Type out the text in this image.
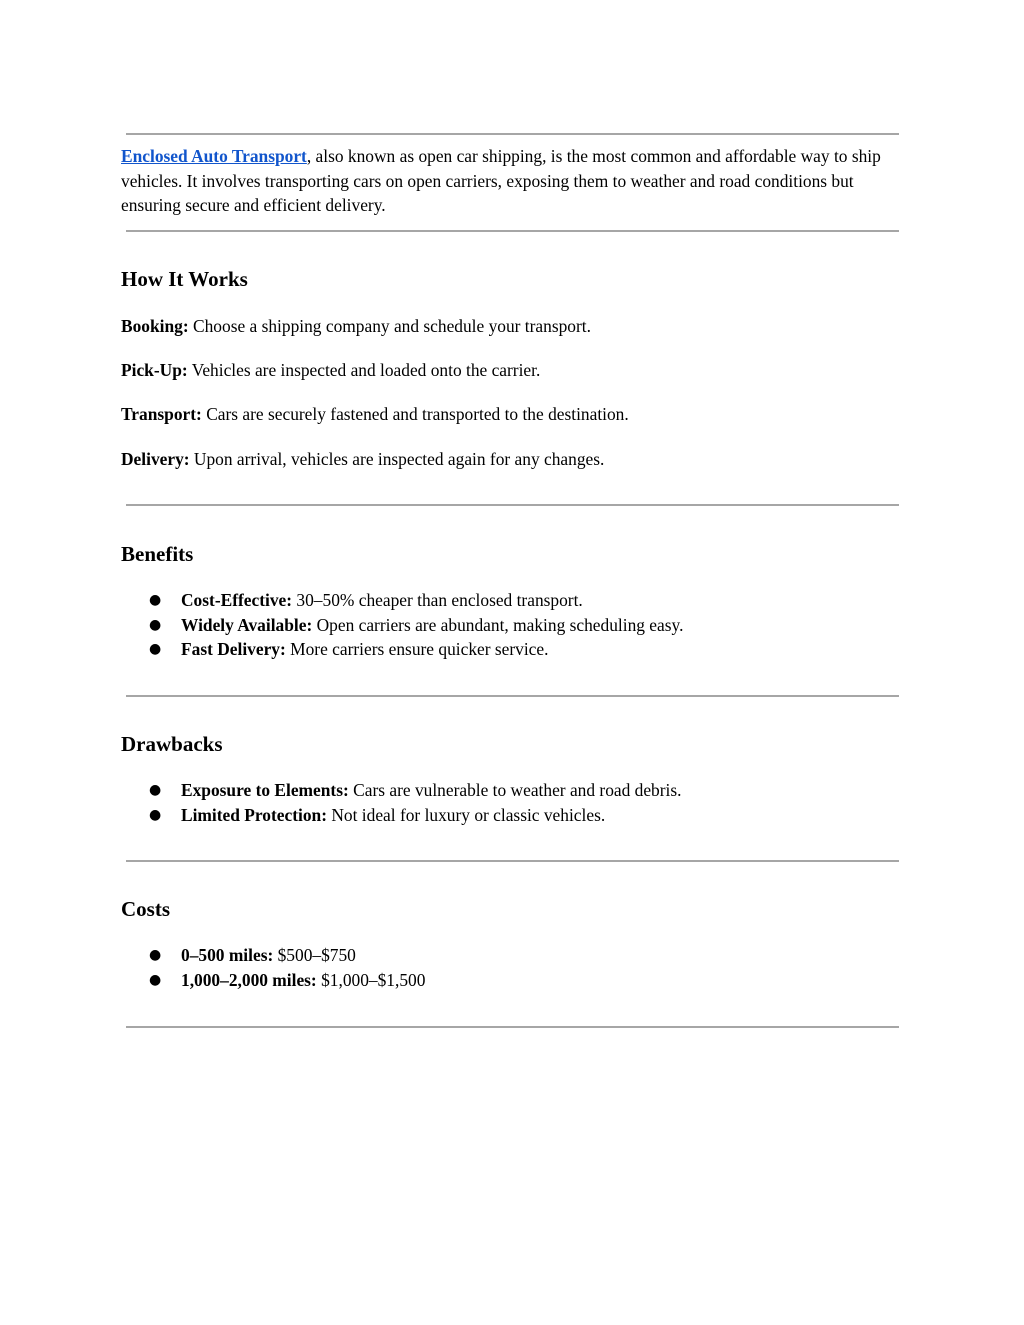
Enclosed Auto Transport, also known as open car shipping, is the most common and affordable way to ship vehicles. It involves transporting cars on open carriers, exposing them to weather and road conditions but ensuring secure and efficient delivery.

How It Works

Booking: Choose a shipping company and schedule your transport.

Pick-Up: Vehicles are inspected and loaded onto the carrier.

Transport: Cars are securely fastened and transported to the destination.

Delivery: Upon arrival, vehicles are inspected again for any changes.

Benefits
● Cost-Effective: 30–50% cheaper than enclosed transport.
● Widely Available: Open carriers are abundant, making scheduling easy.
● Fast Delivery: More carriers ensure quicker service.
Drawbacks
● Exposure to Elements: Cars are vulnerable to weather and road debris.
● Limited Protection: Not ideal for luxury or classic vehicles.
Costs
● 0–500 miles: $500–$750
● 1,000–2,000 miles: $1,000–$1,500
